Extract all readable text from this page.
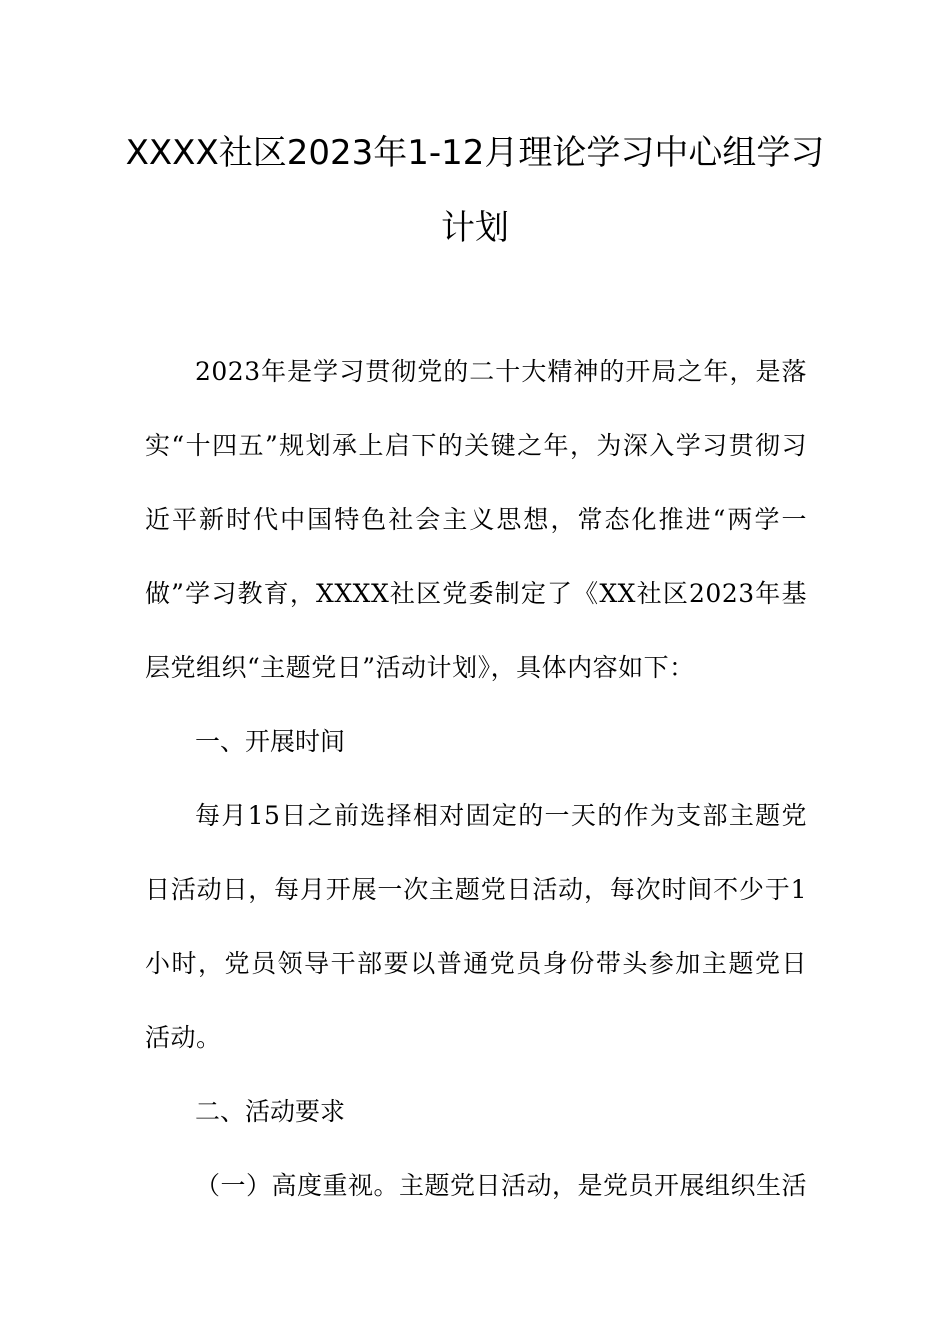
XXXX社区2023年1-12月理论学习中心组学习
计划

2023年是学习贯彻党的二十大精神的开局之年，是落实“十四五”规划承上启下的关键之年，为深入学习贯彻习近平新时代中国特色社会主义思想，常态化推进“两学一做”学习教育，XXXX社区党委制定了《XX社区2023年基层党组织“主题党日”活动计划》，具体内容如下：

一、开展时间

每月15日之前选择相对固定的一天的作为支部主题党日活动日，每月开展一次主题党日活动，每次时间不少于1小时，党员领导干部要以普通党员身份带头参加主题党日活动。

二、活动要求

（一）高度重视。主题党日活动，是党员开展组织生活
